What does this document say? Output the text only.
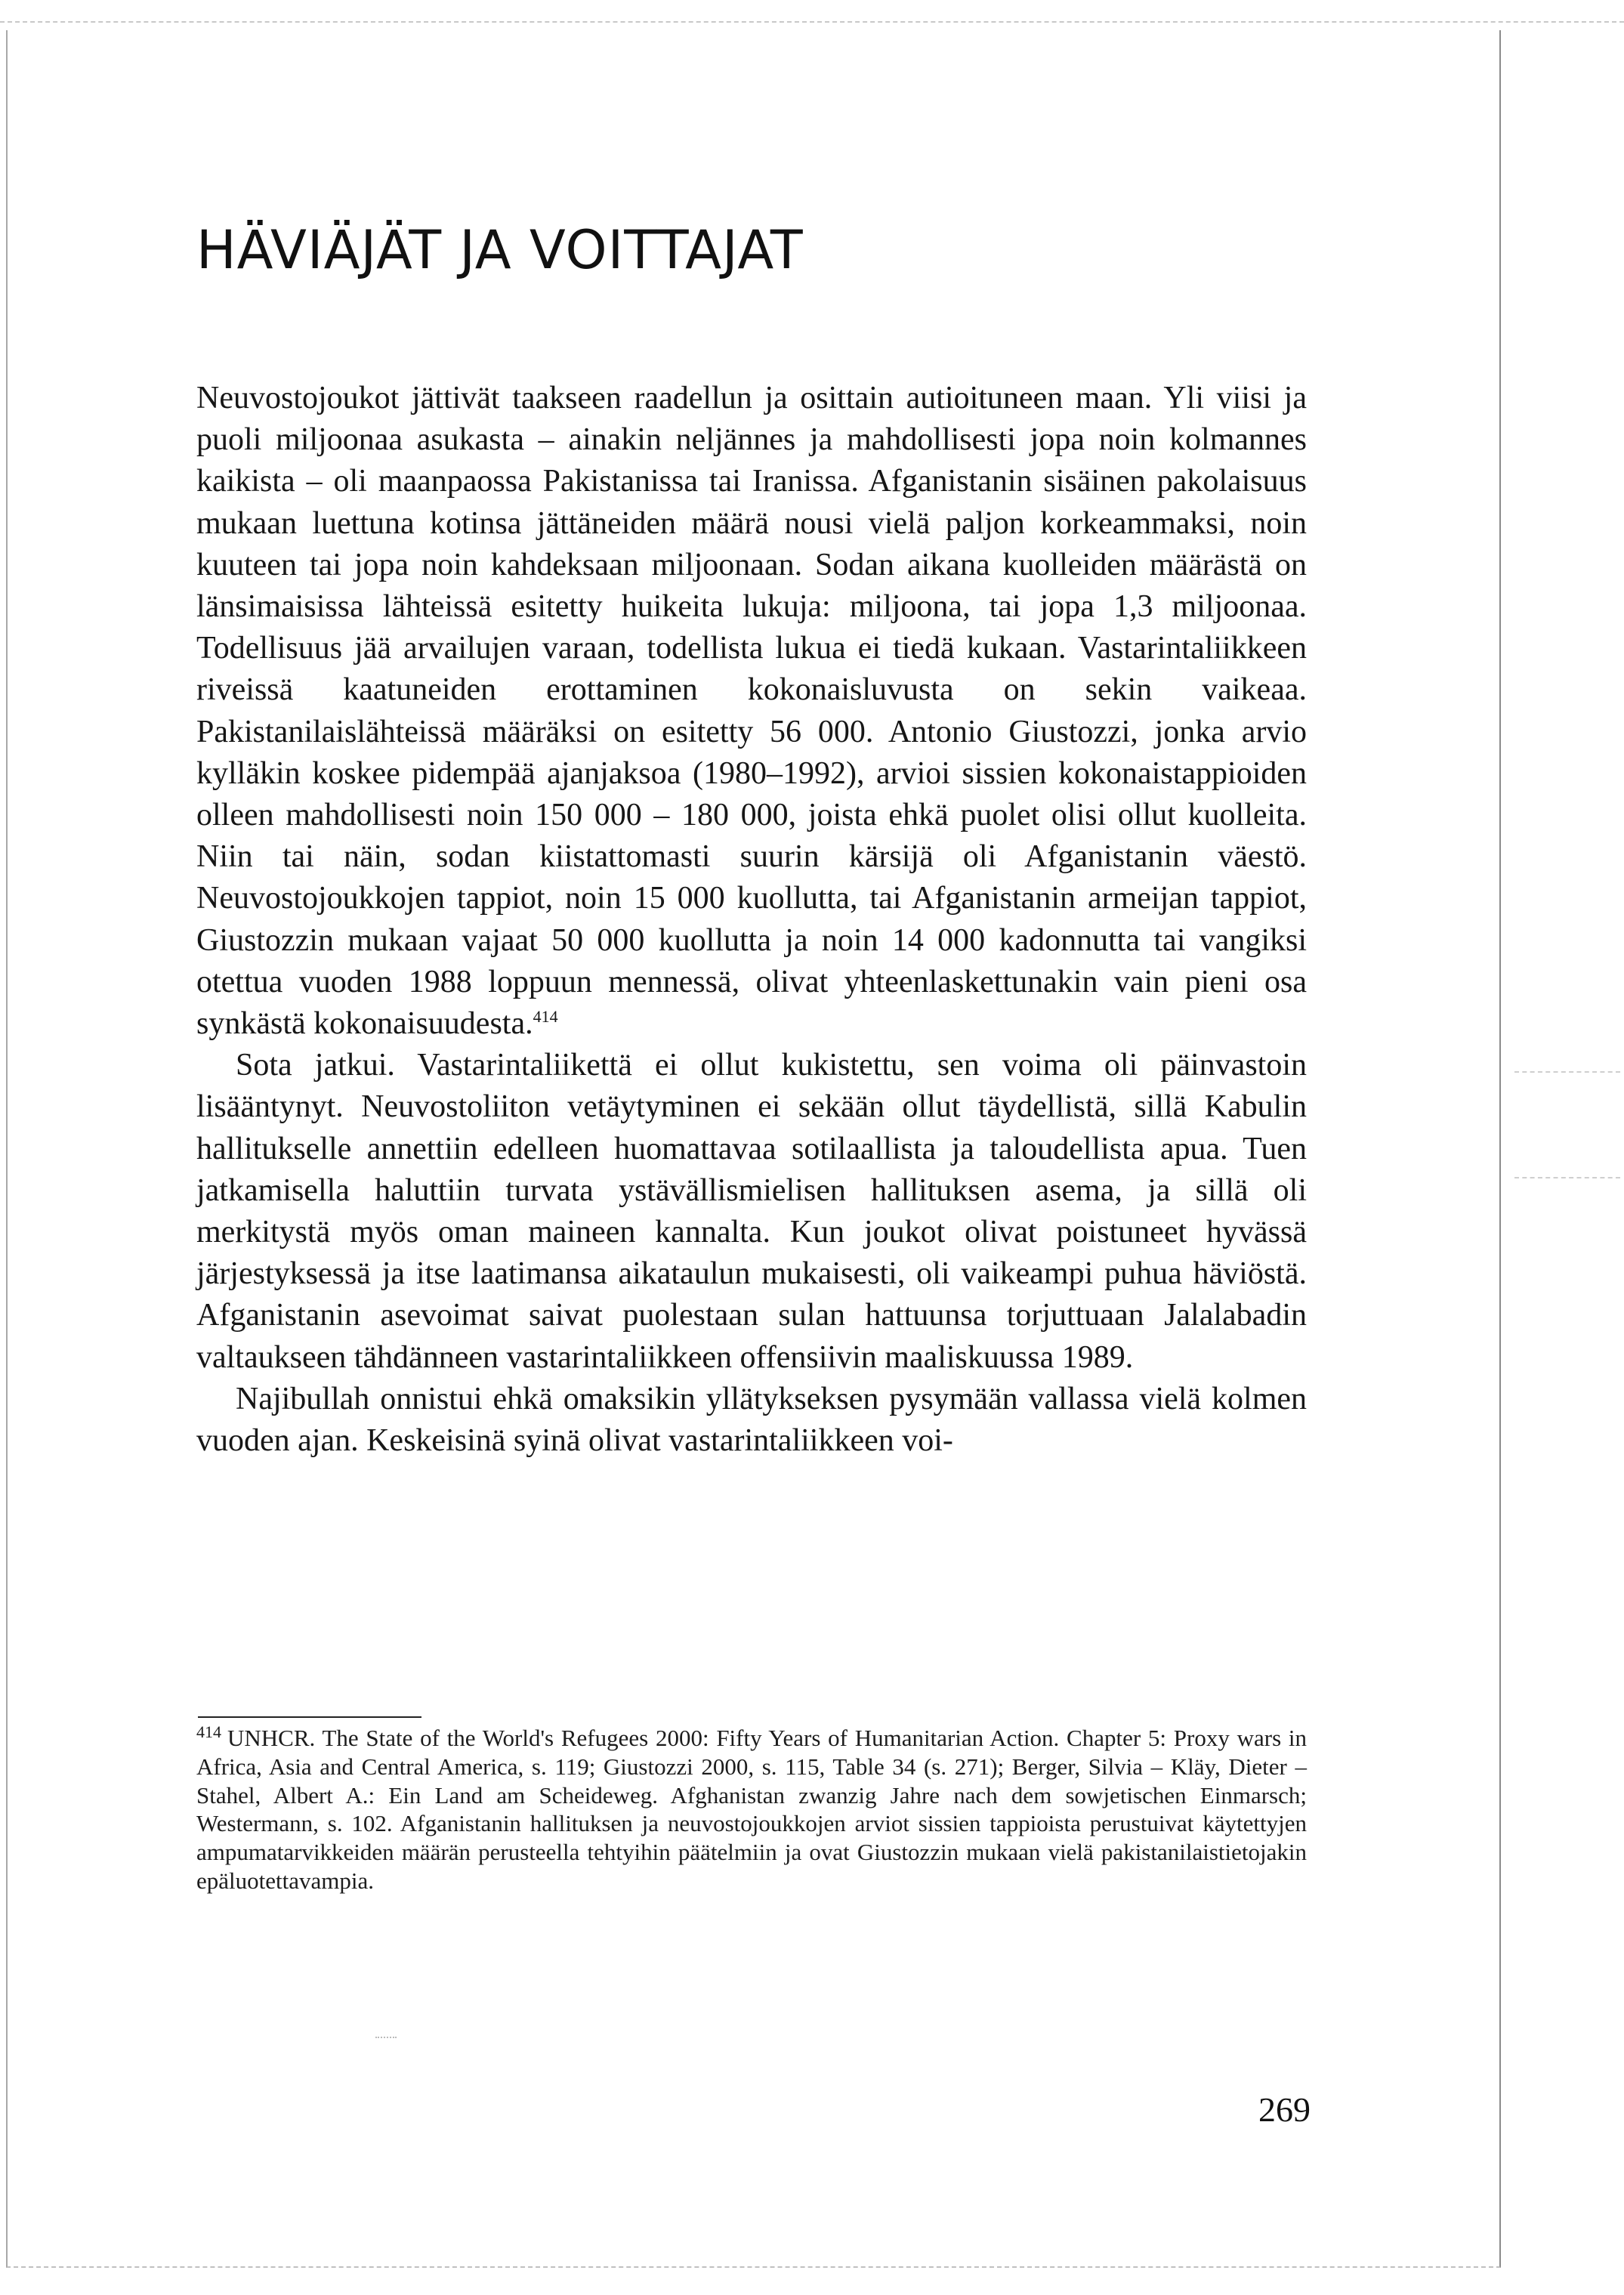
HÄVIÄJÄT JA VOITTAJAT

Neuvostojoukot jättivät taakseen raadellun ja osittain autioituneen maan. Yli viisi ja puoli miljoonaa asukasta – ainakin neljännes ja mahdollisesti jopa noin kolmannes kaikista – oli maanpaossa Pakistanissa tai Iranissa. Afganistanin sisäinen pakolaisuus mukaan luettuna kotinsa jättäneiden määrä nousi vielä paljon korkeammaksi, noin kuuteen tai jopa noin kahdeksaan miljoonaan. Sodan aikana kuolleiden määrästä on länsimaisissa lähteissä esitetty huikeita lukuja: miljoona, tai jopa 1,3 miljoonaa. Todellisuus jää arvailujen varaan, todellista lukua ei tiedä kukaan. Vastarintaliikkeen riveissä kaatuneiden erottaminen kokonaisluvusta on sekin vaikeaa. Pakistanilaislähteissä määräksi on esitetty 56 000. Antonio Giustozzi, jonka arvio kylläkin koskee pidempää ajanjaksoa (1980–1992), arvioi sissien kokonaistappioiden olleen mahdollisesti noin 150 000 – 180 000, joista ehkä puolet olisi ollut kuolleita. Niin tai näin, sodan kiistattomasti suurin kärsijä oli Afganistanin väestö. Neuvostojoukkojen tappiot, noin 15 000 kuollutta, tai Afganistanin armeijan tappiot, Giustozzin mukaan vajaat 50 000 kuollutta ja noin 14 000 kadonnutta tai vangiksi otettua vuoden 1988 loppuun mennessä, olivat yhteenlaskettunakin vain pieni osa synkästä kokonaisuudesta.$^{414}$

Sota jatkui. Vastarintaliikettä ei ollut kukistettu, sen voima oli päinvastoin lisääntynyt. Neuvostoliiton vetäytyminen ei sekään ollut täydellistä, sillä Kabulin hallitukselle annettiin edelleen huomattavaa sotilaallista ja taloudellista apua. Tuen jatkamisella haluttiin turvata ystävällismielisen hallituksen asema, ja sillä oli merkitystä myös oman maineen kannalta. Kun joukot olivat poistuneet hyvässä järjestyksessä ja itse laatimansa aikataulun mukaisesti, oli vaikeampi puhua häviöstä. Afganistanin asevoimat saivat puolestaan sulan hattuunsa torjuttuaan Jalalabadin valtaukseen tähdänneen vastarintaliikkeen offensiivin maaliskuussa 1989.

Najibullah onnistui ehkä omaksikin yllätykseksen pysymään vallassa vielä kolmen vuoden ajan. Keskeisinä syinä olivat vastarintaliikkeen voi-

$^{414}$ UNHCR. The State of the World's Refugees 2000: Fifty Years of Humanitarian Action. Chapter 5: Proxy wars in Africa, Asia and Central America, s. 119; Giustozzi 2000, s. 115, Table 34 (s. 271); Berger, Silvia – Kläy, Dieter – Stahel, Albert A.: Ein Land am Scheideweg. Afghanistan zwanzig Jahre nach dem sowjetischen Einmarsch; Westermann, s. 102. Afganistanin hallituksen ja neuvostojoukkojen arviot sissien tappioista perustuivat käytettyjen ampumatarvikkeiden määrän perusteella tehtyihin päätelmiin ja ovat Giustozzin mukaan vielä pakistanilaistietojakin epäluotettavampia.

269
